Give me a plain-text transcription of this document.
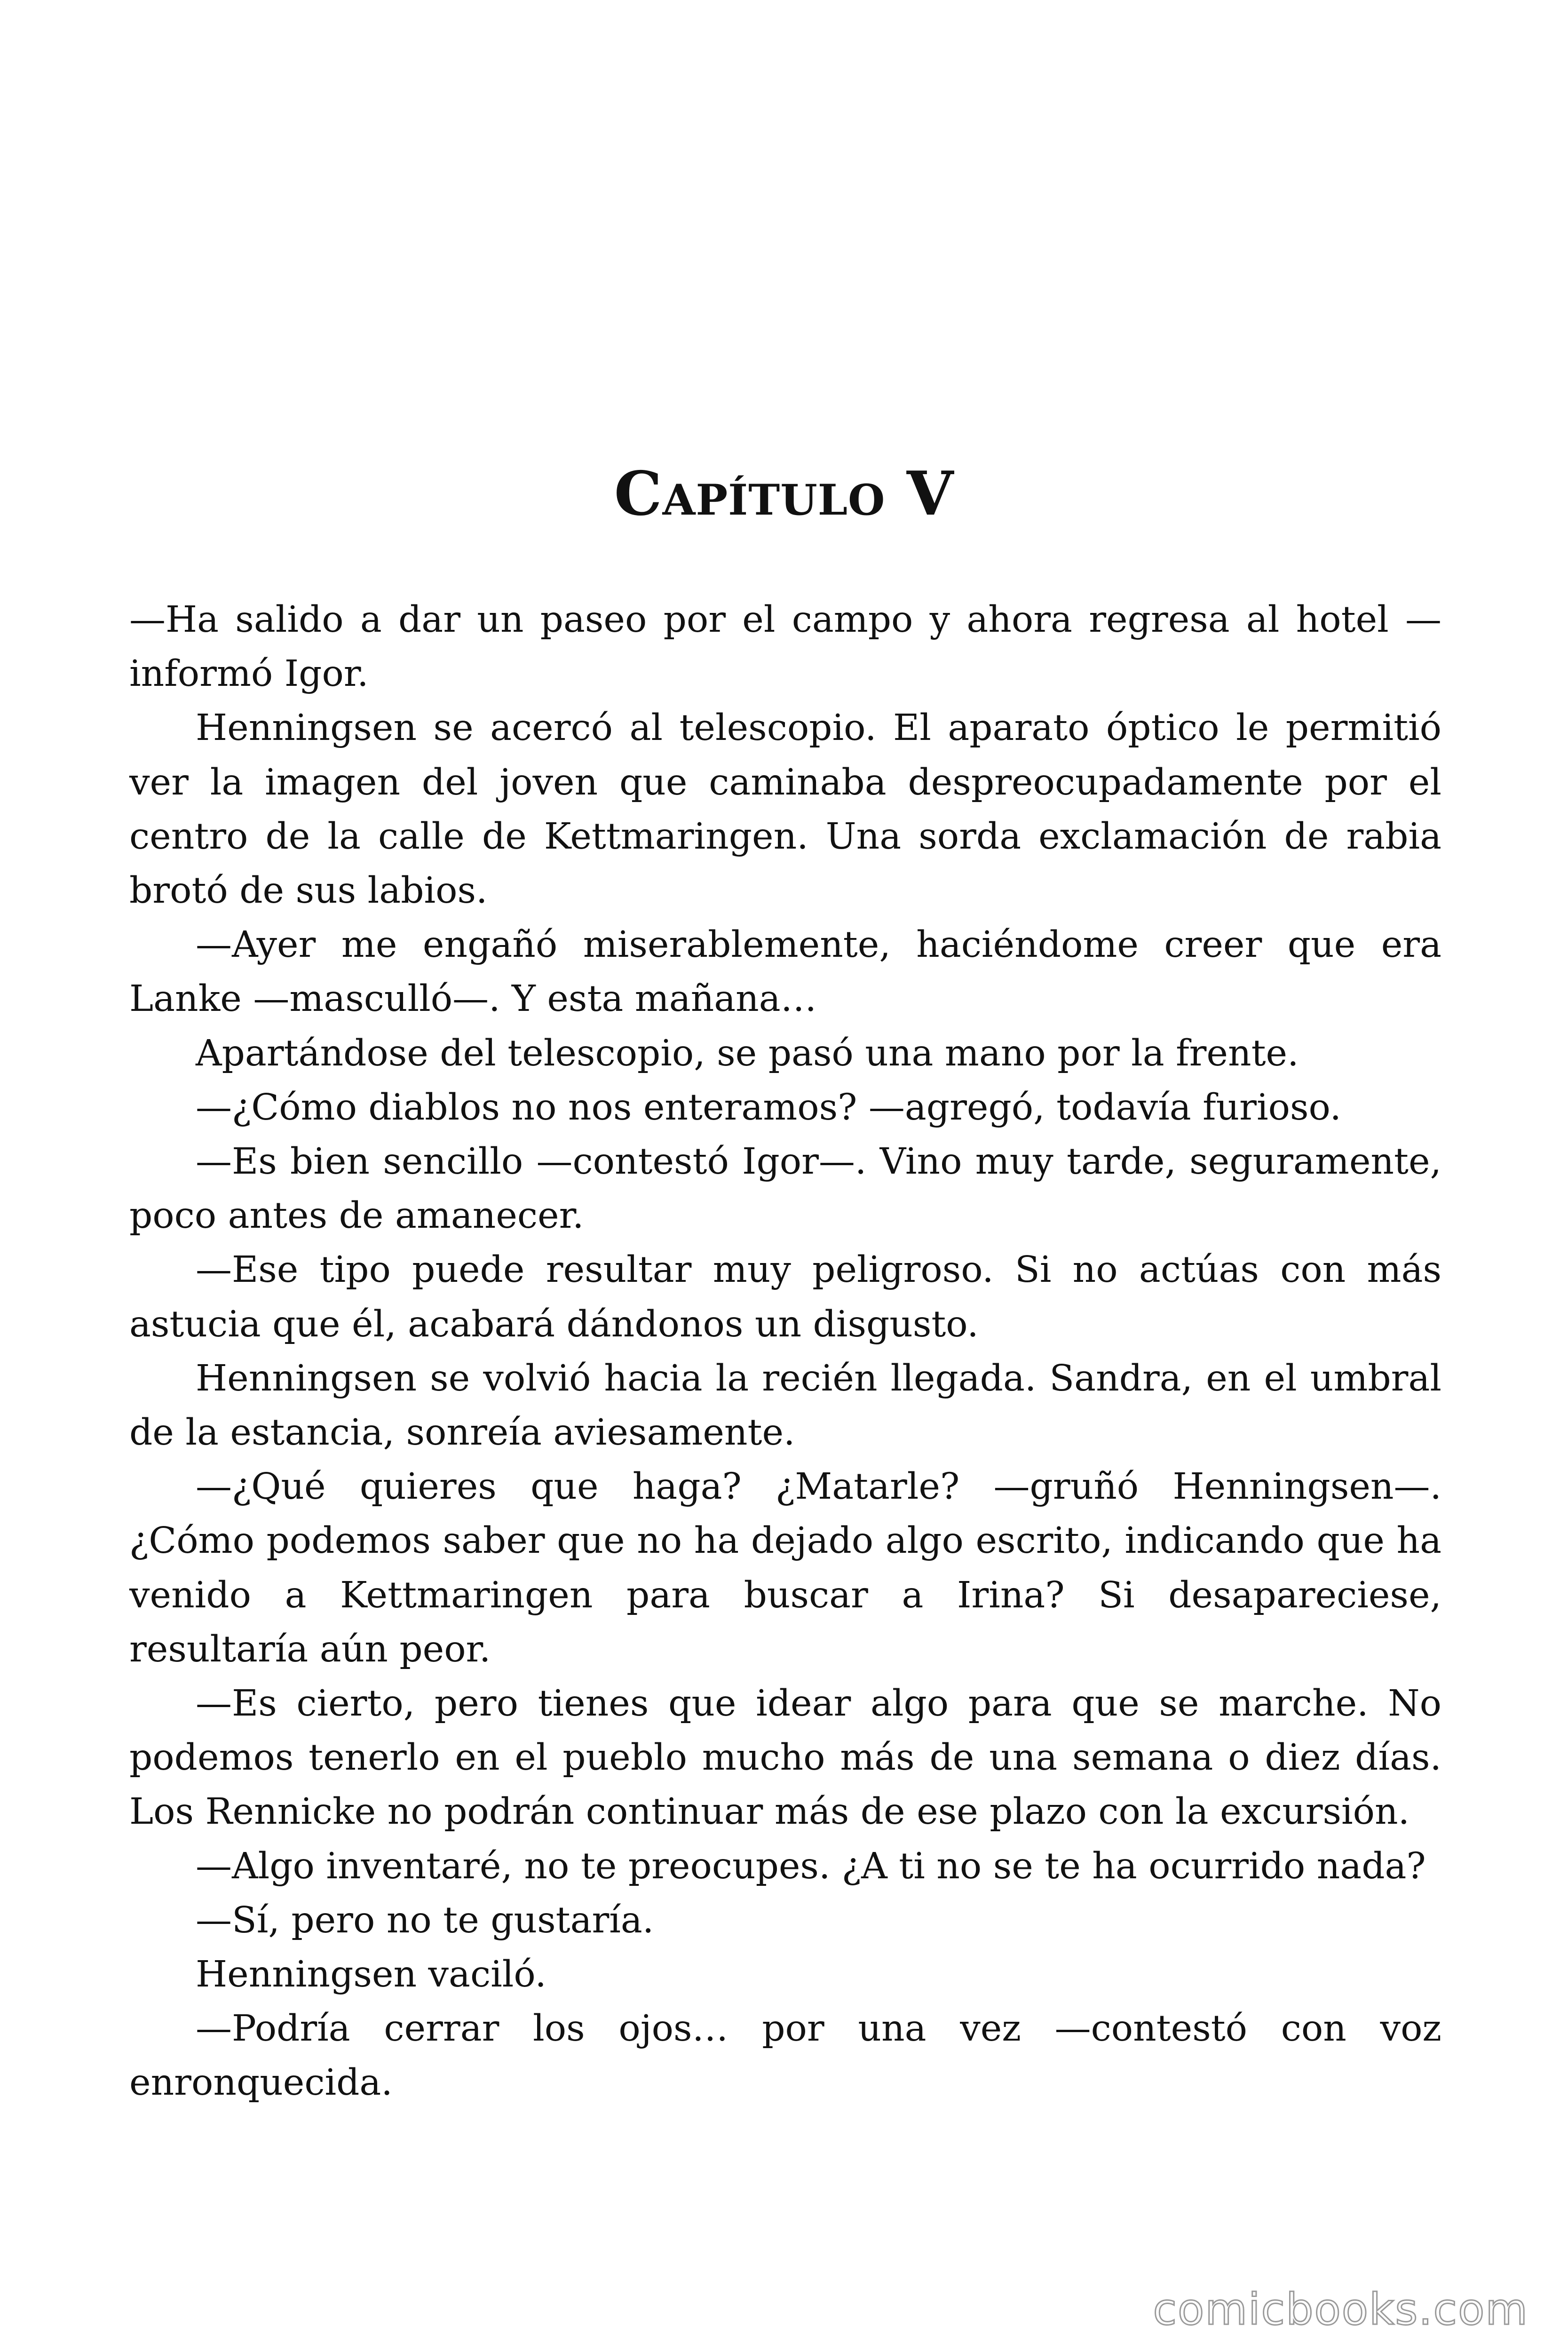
Capítulo V

—Ha salido a dar un paseo por el campo y ahora regresa al hotel —informó Igor.

Henningsen se acercó al telescopio. El aparato óptico le permitió ver la imagen del joven que caminaba despreocupadamente por el centro de la calle de Kettmaringen. Una sorda exclamación de rabia brotó de sus labios.

—Ayer me engañó miserablemente, haciéndome creer que era Lanke —mascullό—. Y esta mañana…

Apartándose del telescopio, se pasó una mano por la frente.

—¿Cómo diablos no nos enteramos? —agregó, todavía furioso.

—Es bien sencillo —contestó Igor—. Vino muy tarde, seguramente, poco antes de amanecer.

—Ese tipo puede resultar muy peligroso. Si no actúas con más astucia que él, acabará dándonos un disgusto.

Henningsen se volvió hacia la recién llegada. Sandra, en el umbral de la estancia, sonreía aviesamente.

—¿Qué quieres que haga? ¿Matarle? —gruñó Henningsen—. ¿Cómo podemos saber que no ha dejado algo escrito, indicando que ha venido a Kettmaringen para buscar a Irina? Si desapareciese, resultaría aún peor.

—Es cierto, pero tienes que idear algo para que se marche. No podemos tenerlo en el pueblo mucho más de una semana o diez días. Los Rennicke no podrán continuar más de ese plazo con la excursión.

—Algo inventaré, no te preocupes. ¿A ti no se te ha ocurrido nada?

—Sí, pero no te gustaría.

Henningsen vaciló.

—Podría cerrar los ojos… por una vez —contestó con voz enronquecida.

comicbooks.com
